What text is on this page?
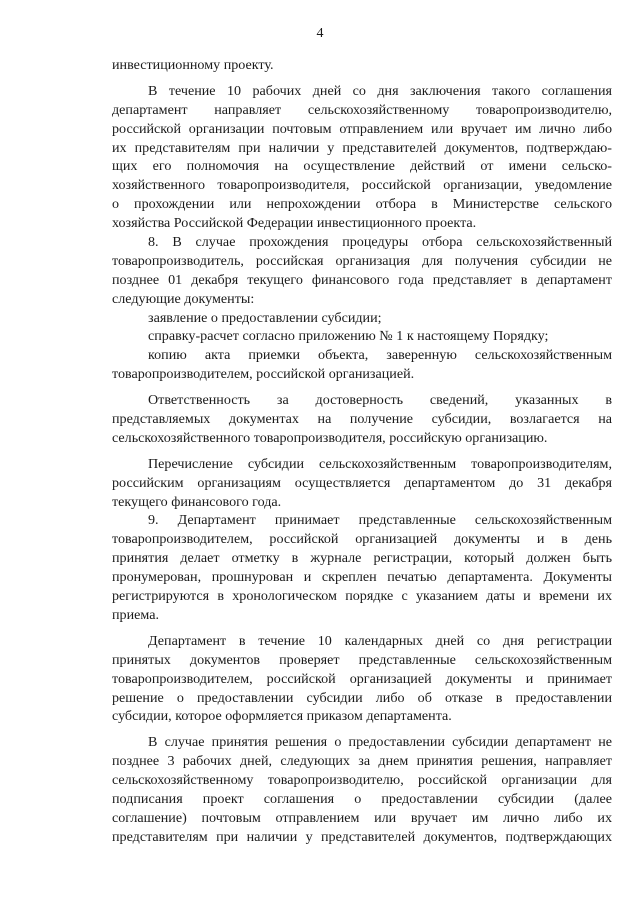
4
инвестиционному проекту.
В течение 10 рабочих дней со дня заключения такого соглашения
департамент направляет сельскохозяйственному товаропроизводителю,
российской организации почтовым отправлением или вручает им лично либо
их представителям при наличии у представителей документов, подтверждаю-
щих его полномочия на осуществление действий от имени сельско-
хозяйственного товаропроизводителя, российской организации, уведомление
о прохождении или непрохождении отбора в Министерстве сельского
хозяйства Российской Федерации инвестиционного проекта.
8. В случае прохождения процедуры отбора сельскохозяйственный
товаропроизводитель, российская организация для получения субсидии не
позднее 01 декабря текущего финансового года представляет в департамент
следующие документы:
заявление о предоставлении субсидии;
справку-расчет согласно приложению № 1 к настоящему Порядку;
копию акта приемки объекта, заверенную сельскохозяйственным
товаропроизводителем, российской организацией.
Ответственность за достоверность сведений, указанных в
представляемых документах на получение субсидии, возлагается на
сельскохозяйственного товаропроизводителя, российскую организацию.
Перечисление субсидии сельскохозяйственным товаропроизводителям,
российским организациям осуществляется департаментом до 31 декабря
текущего финансового года.
9. Департамент принимает представленные сельскохозяйственным
товаропроизводителем, российской организацией документы и в день
принятия делает отметку в журнале регистрации, который должен быть
пронумерован, прошнурован и скреплен печатью департамента. Документы
регистрируются в хронологическом порядке с указанием даты и времени их
приема.
Департамент в течение 10 календарных дней со дня регистрации
принятых документов проверяет представленные сельскохозяйственным
товаропроизводителем, российской организацией документы и принимает
решение о предоставлении субсидии либо об отказе в предоставлении
субсидии, которое оформляется приказом департамента.
В случае принятия решения о предоставлении субсидии департамент не
позднее 3 рабочих дней, следующих за днем принятия решения, направляет
сельскохозяйственному товаропроизводителю, российской организации для
подписания проект соглашения о предоставлении субсидии (далее
соглашение) почтовым отправлением или вручает им лично либо их
представителям при наличии у представителей документов, подтверждающих
